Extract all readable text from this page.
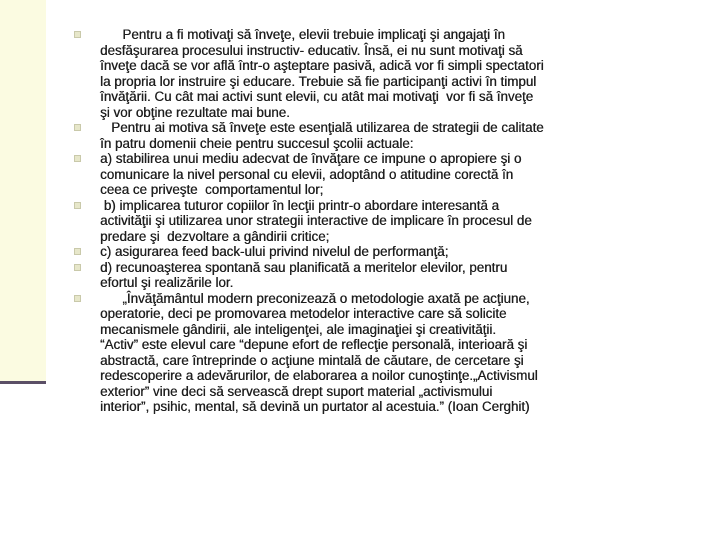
Pentru a fi motivaţi să înveţe, elevii trebuie implicaţi şi angajaţi în
desfăşurarea procesului instructiv- educativ. Însă, ei nu sunt motivaţi să
înveţe dacă se vor află într-o aşteptare pasivă, adică vor fi simpli spectatori
la propria lor instruire şi educare. Trebuie să fie participanţi activi în timpul
învăţării. Cu cât mai activi sunt elevii, cu atât mai motivaţi  vor fi să înveţe
şi vor obţine rezultate mai bune.
Pentru ai motiva să înveţe este esenţială utilizarea de strategii de calitate
în patru domenii cheie pentru succesul şcolii actuale:
a) stabilirea unui mediu adecvat de învăţare ce impune o apropiere şi o
comunicare la nivel personal cu elevii, adoptând o atitudine corectă în
ceea ce priveşte  comportamentul lor;
b) implicarea tuturor copiilor în lecţii printr-o abordare interesantă a
activităţii şi utilizarea unor strategii interactive de implicare în procesul de
predare şi  dezvoltare a gândirii critice;
c) asigurarea feed back-ului privind nivelul de performanţă;
d) recunoaşterea spontană sau planificată a meritelor elevilor, pentru
efortul şi realizările lor.
„Învăţământul modern preconizează o metodologie axată pe acţiune,
operatorie, deci pe promovarea metodelor interactive care să solicite
mecanismele gândirii, ale inteligenţei, ale imaginaţiei şi creativităţii.
“Activ” este elevul care “depune efort de reflecţie personală, interioară şi
abstractă, care întreprinde o acţiune mintală de căutare, de cercetare şi
redescoperire a adevărurilor, de elaborarea a noilor cunoştinţe.„Activismul
exterior” vine deci să servească drept suport material „activismului
interior”, psihic, mental, să devină un purtator al acestuia.” (Ioan Cerghit)
